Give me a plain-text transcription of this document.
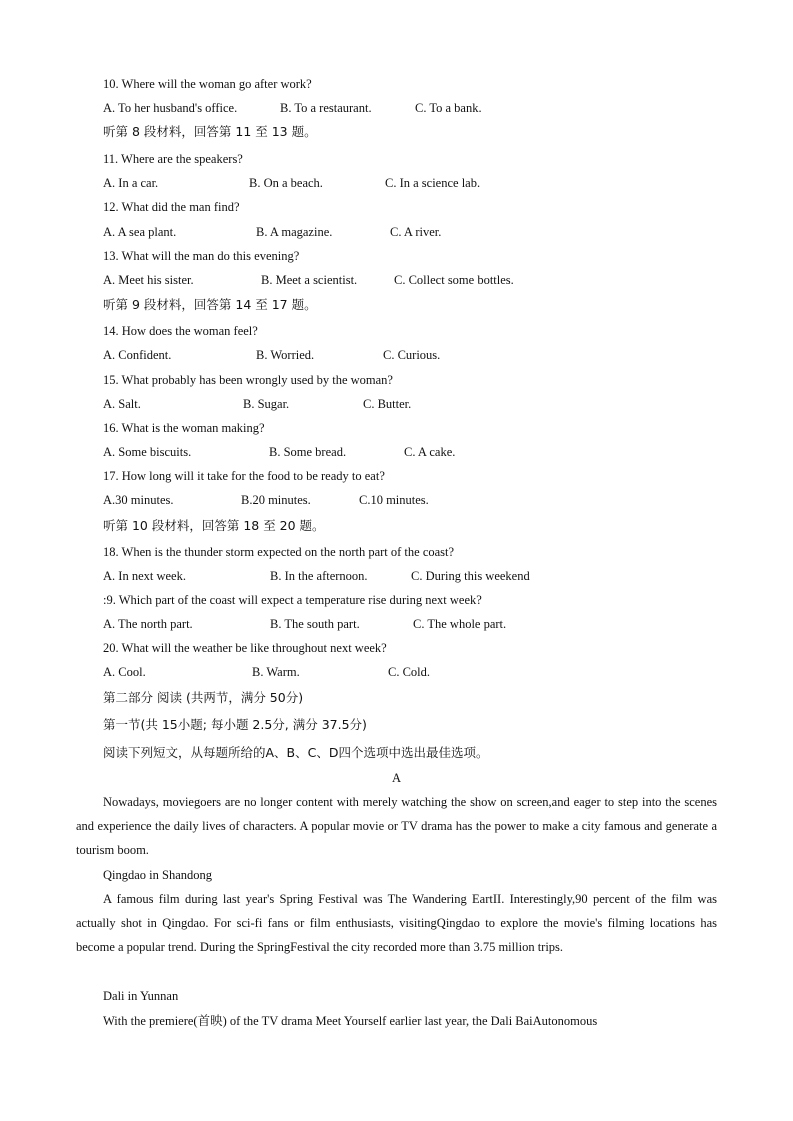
10. Where will the woman go after work?
A. To her husband's office.	B. To a restaurant.	C. To a bank.
听第 8 段材料，回答第 11 至 13 题。
11. Where are the speakers?
A. In a car.	B. On a beach.	C. In a science lab.
12. What did the man find?
A. A sea plant.	B. A magazine.	C. A river.
13. What will the man do this evening?
A. Meet his sister.	B. Meet a scientist.	C. Collect some bottles.
听第 9 段材料，回答第 14 至 17 题。
14. How does the woman feel?
A. Confident.	B. Worried.	C. Curious.
15. What probably has been wrongly used by the woman?
A. Salt.	B. Sugar.	C. Butter.
16. What is the woman making?
A. Some biscuits.	B. Some bread.	C. A cake.
17. How long will it take for the food to be ready to eat?
A.30 minutes.	B.20 minutes.	C.10 minutes.
听第 10 段材料，回答第 18 至 20 题。
18. When is the thunder storm expected on the north part of the coast?
A. In next week.	B. In the afternoon.	C. During this weekend
:9. Which part of the coast will expect a temperature rise during next week?
A. The north part.	B. The south part.	C. The whole part.
20. What will the weather be like throughout next week?
A. Cool.	B. Warm.	C. Cold.
第二部分 阅读 (共两节，满分 50分)
第一节(共 15小题; 每小题 2.5分, 满分 37.5分)
阅读下列短文，从每题所给的A、B、C、D四个选项中选出最佳选项。
A
Nowadays, moviegoers are no longer content with merely watching the show on screen,and eager to step into the scenes and experience the daily lives of characters. A popular movie or TV drama has the power to make a city famous and generate a tourism boom.
Qingdao in Shandong
A famous film during last year's Spring Festival was The Wandering EartII. Interestingly,90 percent of the film was actually shot in Qingdao. For sci-fi fans or film enthusiasts, visitingQingdao to explore the movie's filming locations has become a popular trend. During the SpringFestival the city recorded more than 3.75 million trips.
Dali in Yunnan
With the premiere(首映) of the TV drama Meet Yourself earlier last year, the Dali BaiAutonomous
